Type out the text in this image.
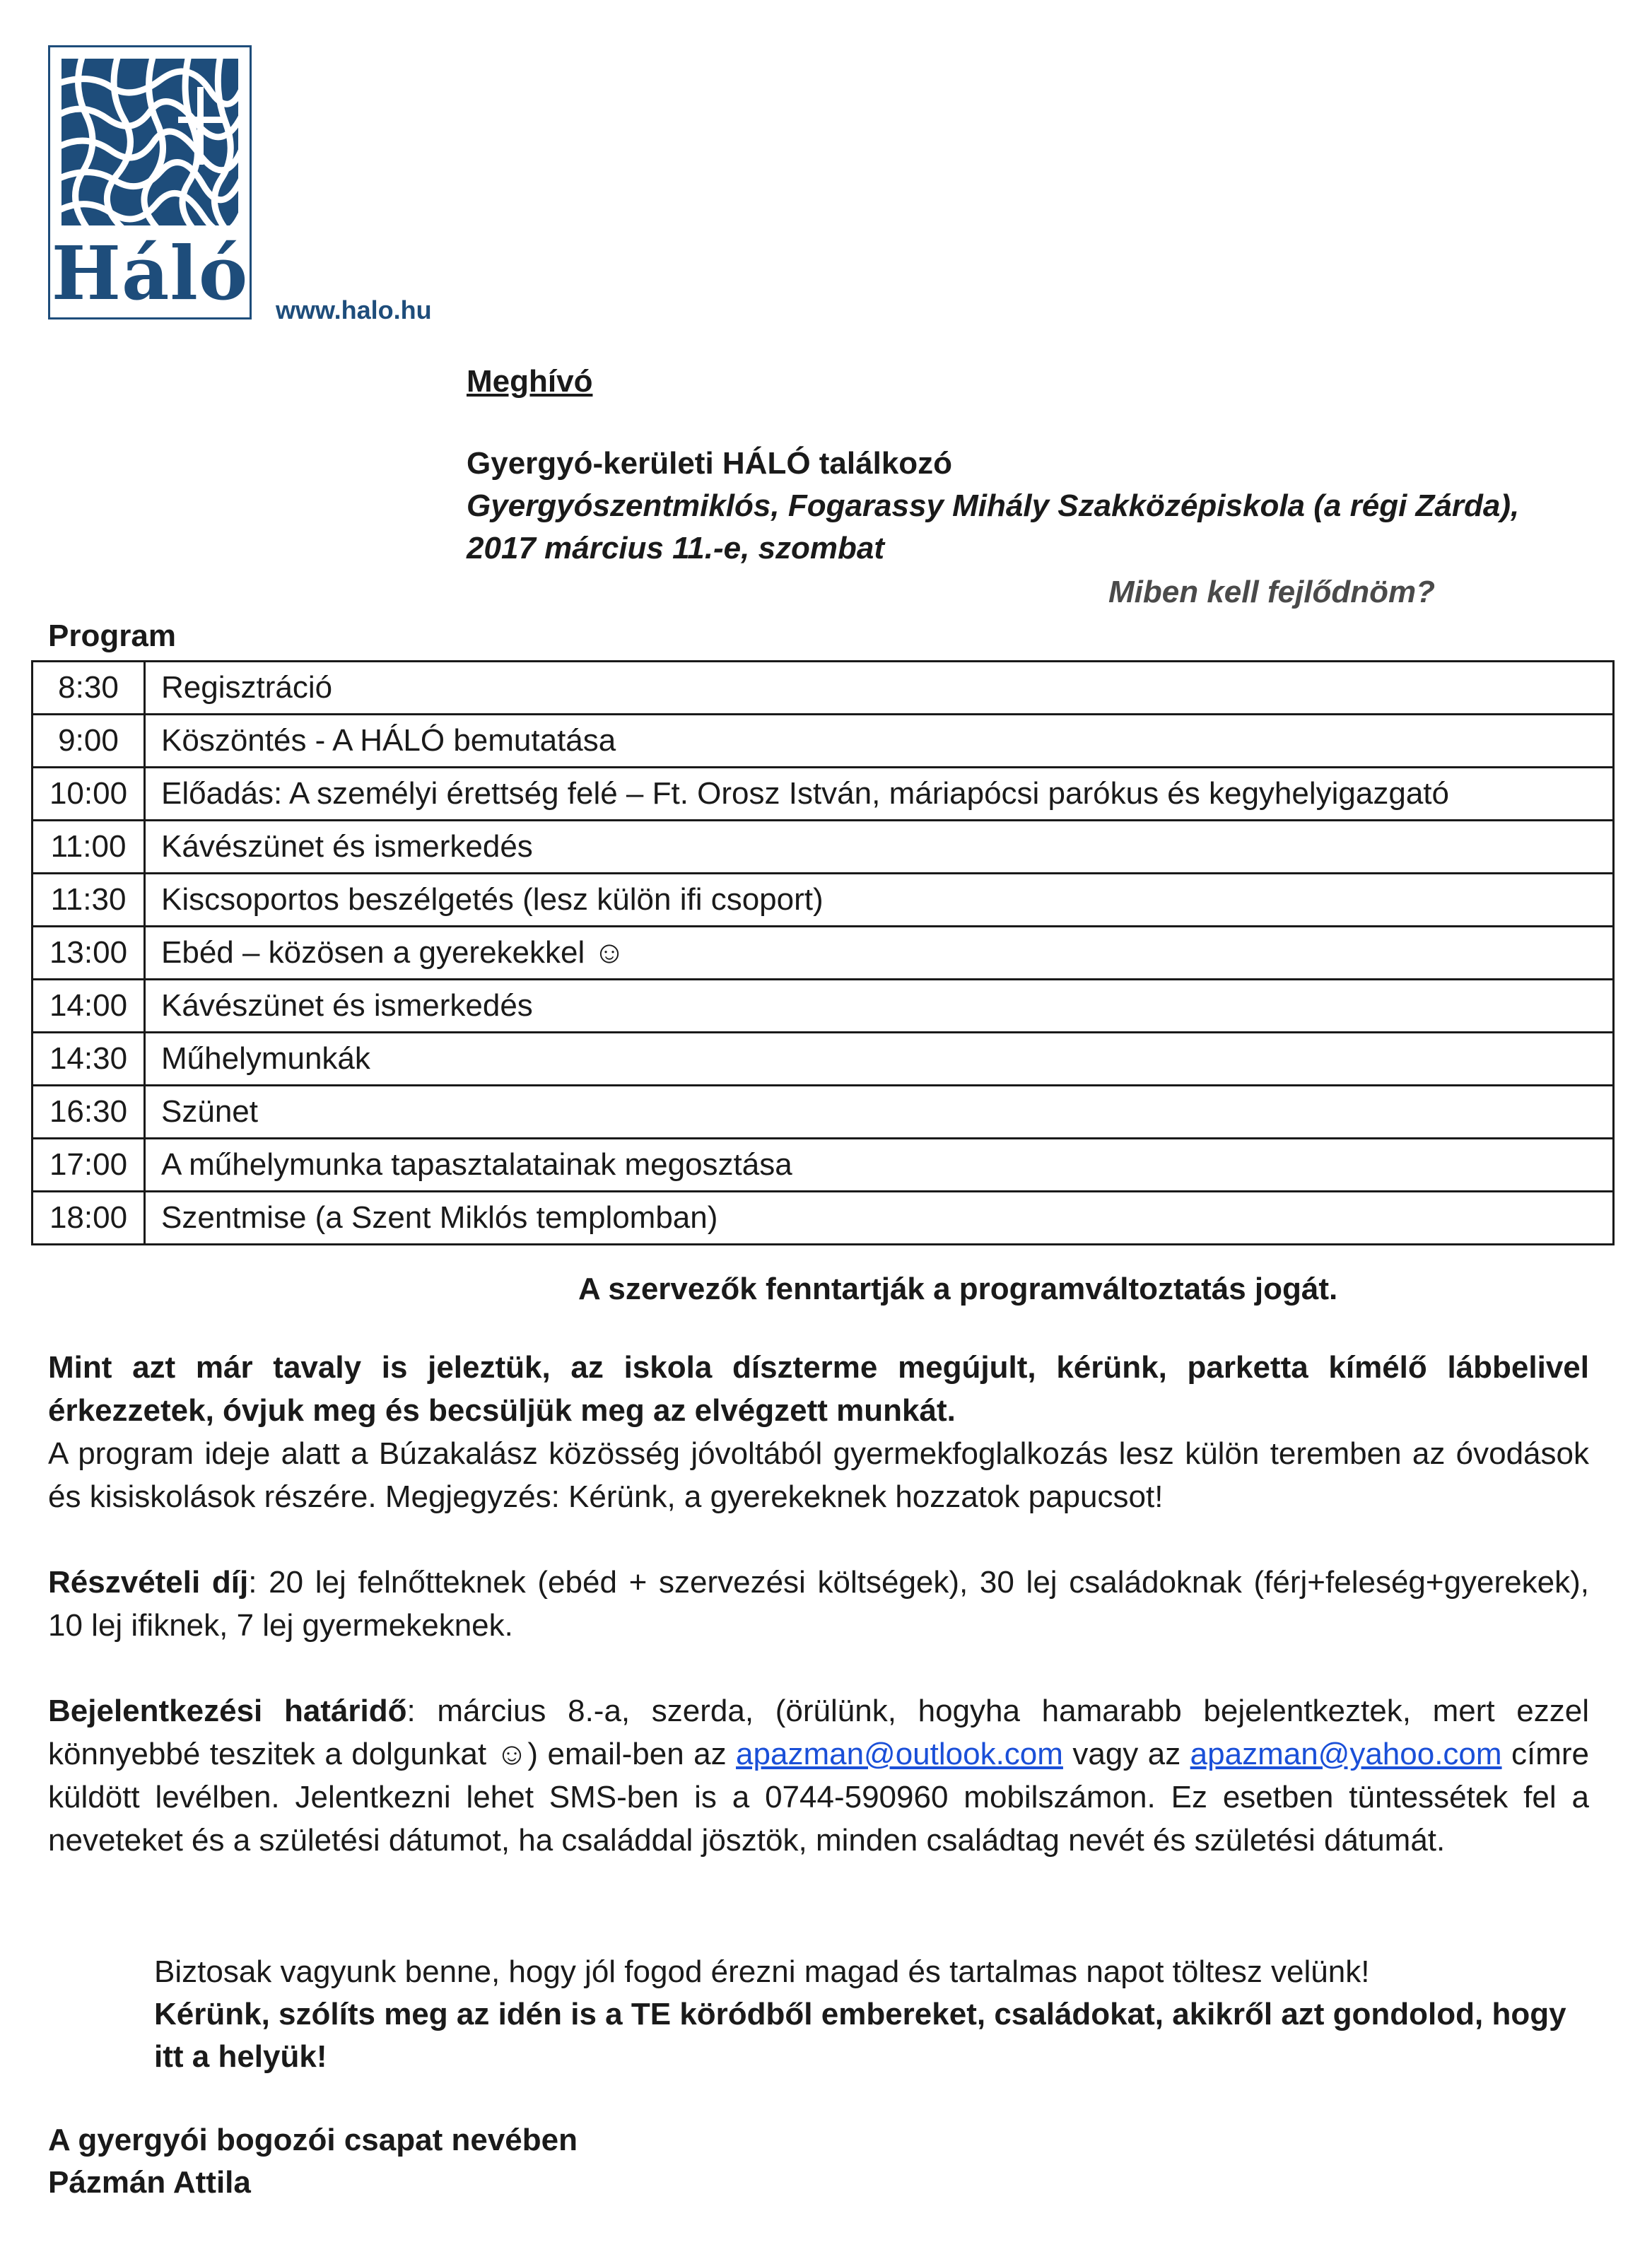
Háló www.halo.hu

Meghívó

Gyergyó-kerületi HÁLÓ találkozó

Gyergyószentmiklós, Fogarassy Mihály Szakközépiskola (a régi Zárda),

2017 március 11.-e, szombat

Miben kell fejlődnöm?

Program

8:30	Regisztráció
9:00	Köszöntés - A HÁLÓ bemutatása
10:00	Előadás: A személyi érettség felé – Ft. Orosz István, máriapócsi parókus és kegyhelyigazgató
11:00	Kávészünet és ismerkedés
11:30	Kiscsoportos beszélgetés (lesz külön ifi csoport)
13:00	Ebéd – közösen a gyerekekkel ☺
14:00	Kávészünet és ismerkedés
14:30	Műhelymunkák
16:30	Szünet
17:00	A műhelymunka tapasztalatainak megosztása
18:00	Szentmise (a Szent Miklós templomban)

A szervezők fenntartják a programváltoztatás jogát.

Mint azt már tavaly is jeleztük, az iskola díszterme megújult, kérünk, parketta kímélő lábbelivel érkezzetek, óvjuk meg és becsüljük meg az elvégzett munkát.

A program ideje alatt a Búzakalász közösség jóvoltából gyermekfoglalkozás lesz külön teremben az óvodások és kisiskolások részére. Megjegyzés: Kérünk, a gyerekeknek hozzatok papucsot!

Részvételi díj: 20 lej felnőtteknek (ebéd + szervezési költségek), 30 lej családoknak (férj+feleség+gyerekek), 10 lej ifiknek, 7 lej gyermekeknek.

Bejelentkezési határidő: március 8.-a, szerda, (örülünk, hogyha hamarabb bejelentkeztek, mert ezzel könnyebbé teszitek a dolgunkat ☺) email-ben az apazman@outlook.com vagy az apazman@yahoo.com címre küldött levélben. Jelentkezni lehet SMS-ben is a 0744-590960 mobilszámon. Ez esetben tüntessétek fel a neveteket és a születési dátumot, ha családdal jösztök, minden családtag nevét és születési dátumát.

Biztosak vagyunk benne, hogy jól fogod érezni magad és tartalmas napot töltesz velünk!

Kérünk, szólíts meg az idén is a TE köródből embereket, családokat, akikről azt gondolod, hogy

itt a helyük!

A gyergyói bogozói csapat nevében

Pázmán Attila
